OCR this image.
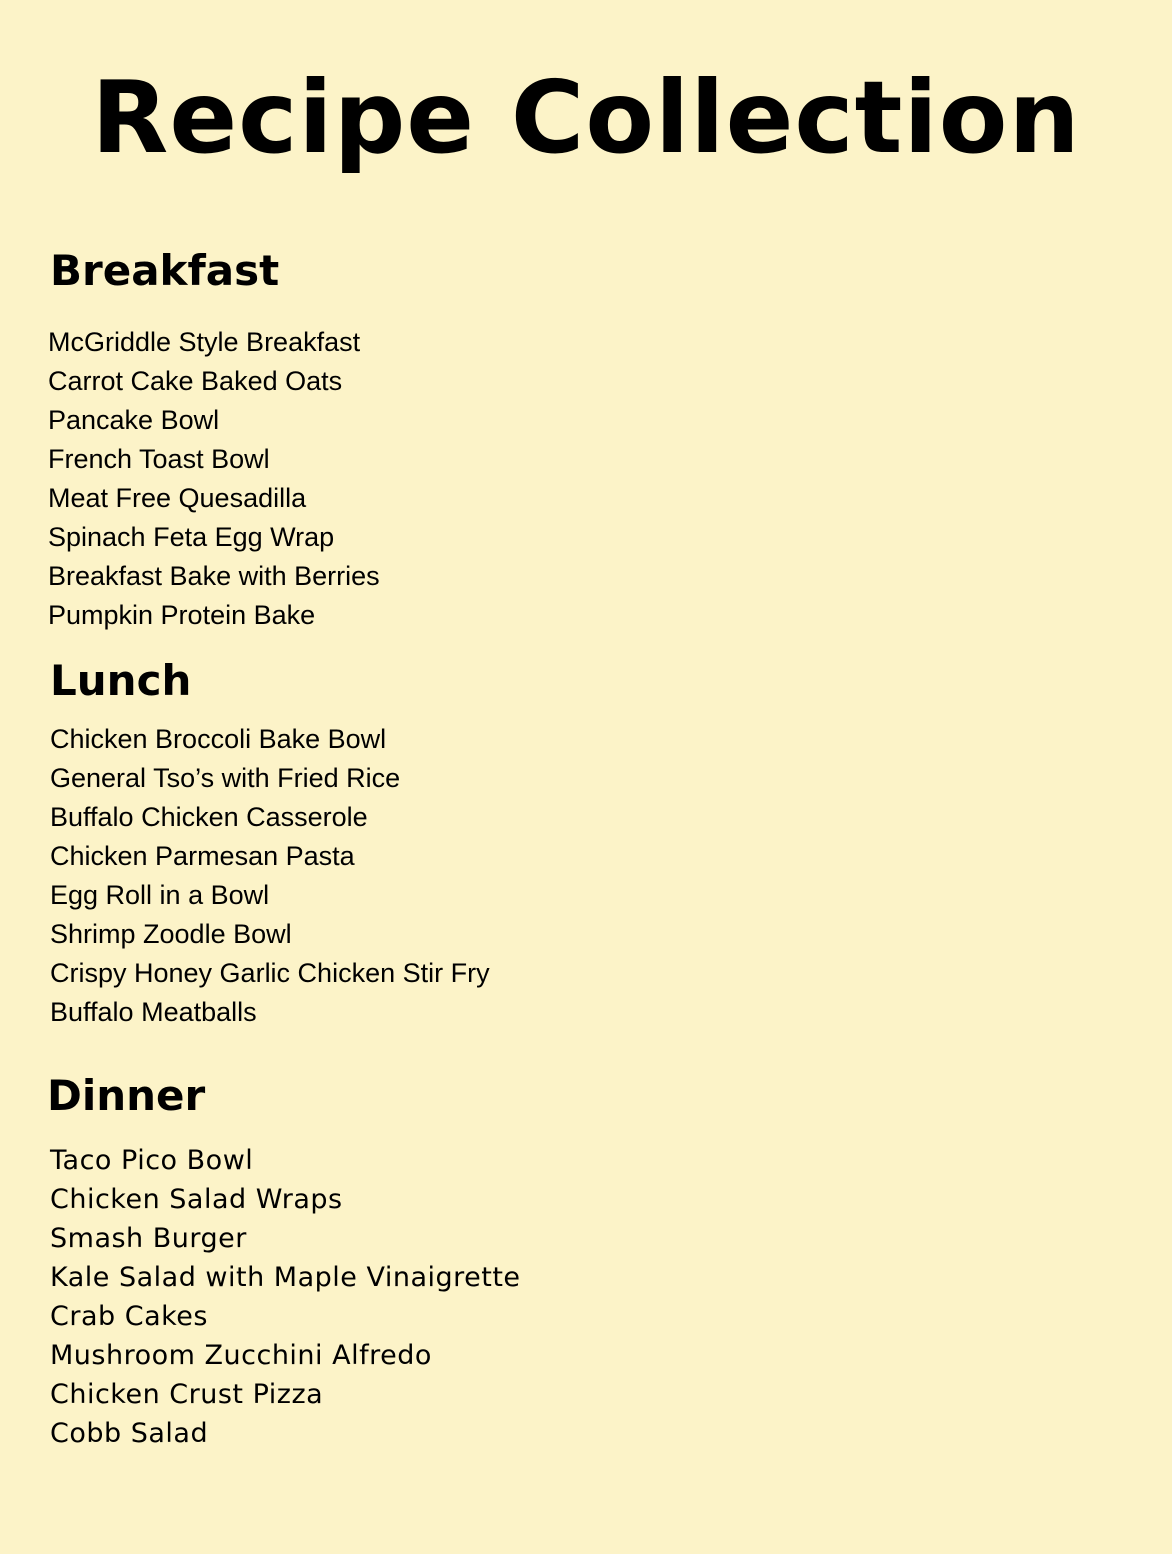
Recipe Collection
Breakfast
McGriddle Style Breakfast
Carrot Cake Baked Oats
Pancake Bowl
French Toast Bowl
Meat Free Quesadilla
Spinach Feta Egg Wrap
Breakfast Bake with Berries
Pumpkin Protein Bake
Lunch
Chicken Broccoli Bake Bowl
General Tso’s with Fried Rice
Buffalo Chicken Casserole
Chicken Parmesan Pasta
Egg Roll in a Bowl
Shrimp Zoodle Bowl
Crispy Honey Garlic Chicken Stir Fry
Buffalo Meatballs
Dinner
Taco Pico Bowl
Chicken Salad Wraps
Smash Burger
Kale Salad with Maple Vinaigrette
Crab Cakes
Mushroom Zucchini Alfredo
Chicken Crust Pizza
Cobb Salad
